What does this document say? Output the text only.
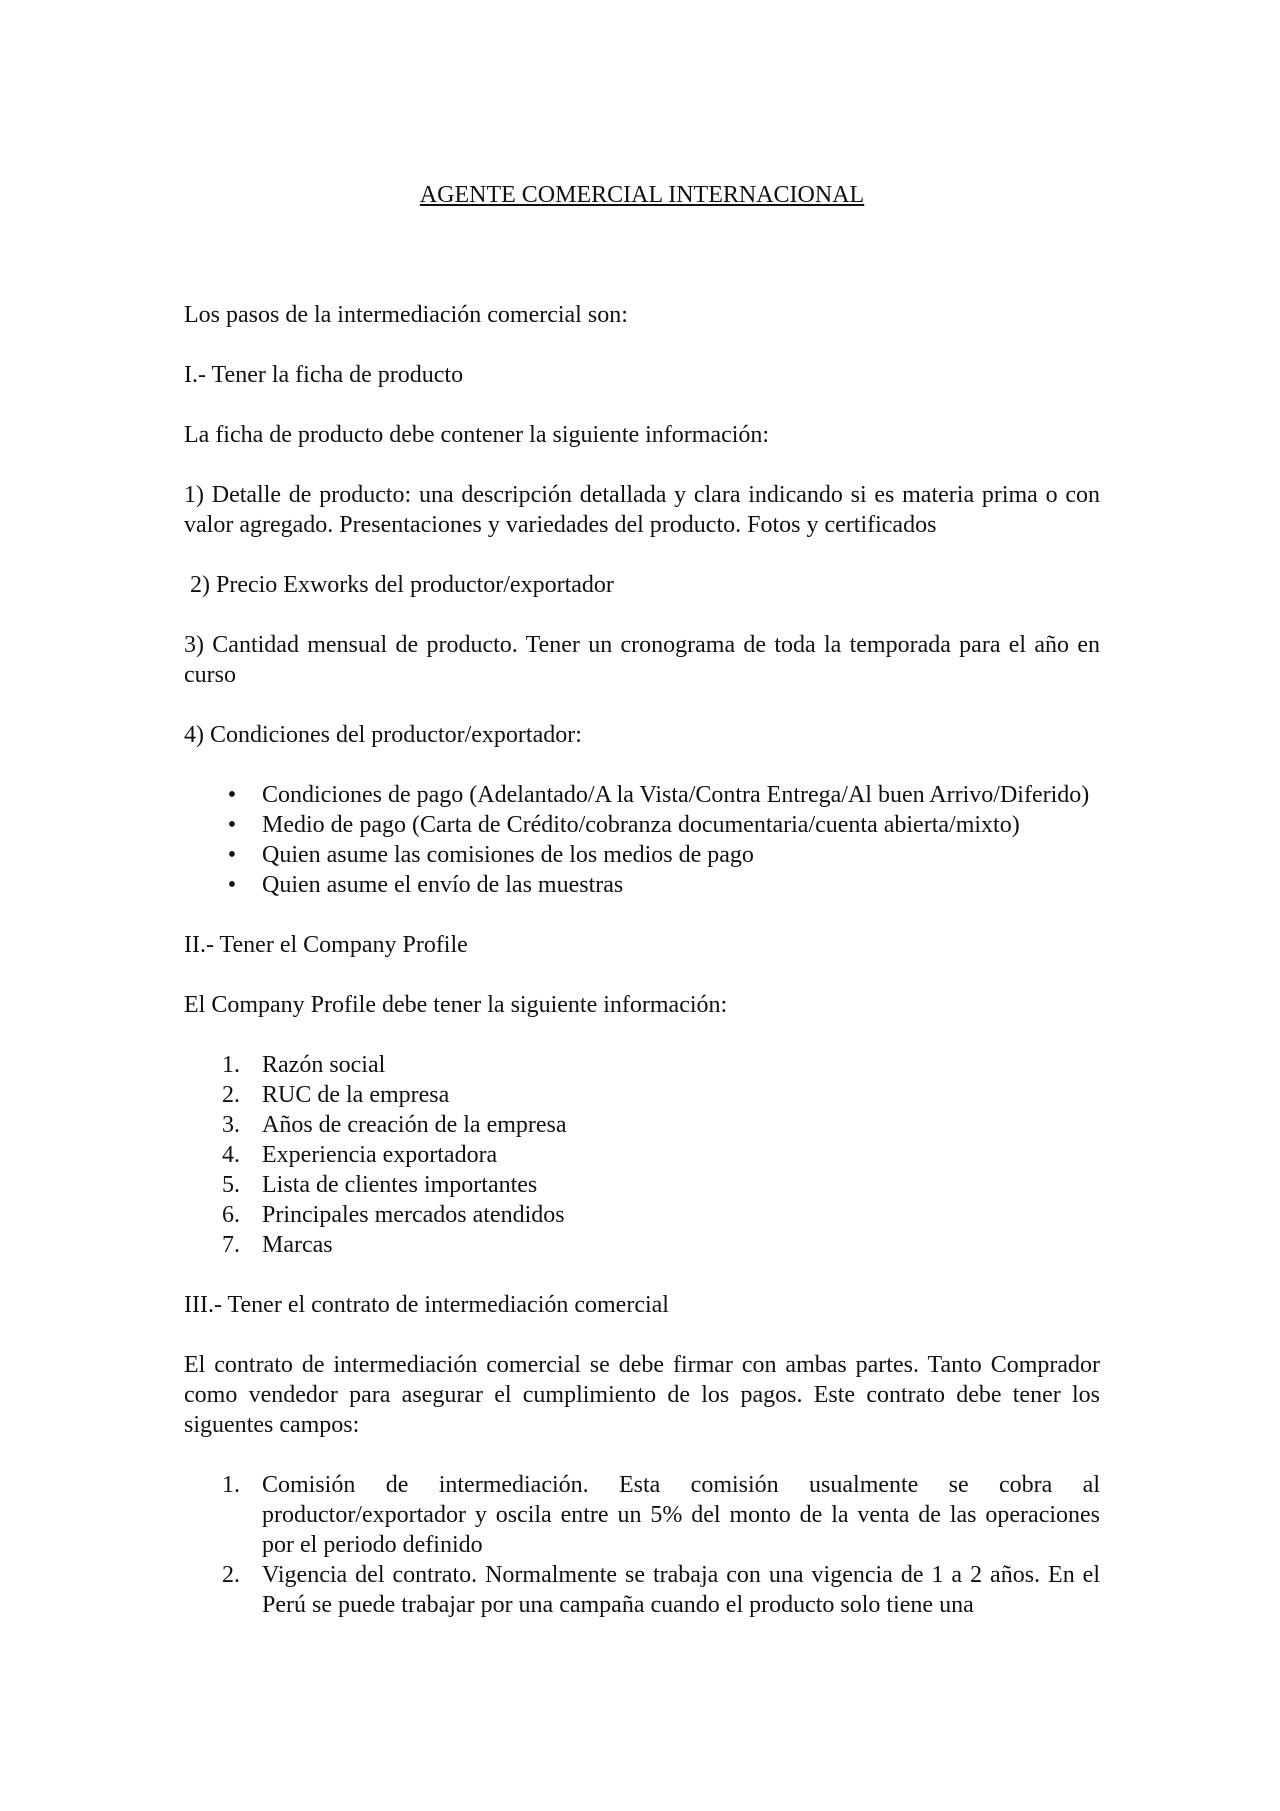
AGENTE COMERCIAL INTERNACIONAL

Los pasos de la intermediación comercial son:

I.- Tener la ficha de producto

La ficha de producto debe contener la siguiente información:

1) Detalle de producto: una descripción detallada y clara indicando si es materia prima o con valor agregado. Presentaciones y variedades del producto. Fotos y certificados

2) Precio Exworks del productor/exportador

3) Cantidad mensual de producto. Tener un cronograma de toda la temporada para el año en curso

4) Condiciones del productor/exportador:

• Condiciones de pago (Adelantado/A la Vista/Contra Entrega/Al buen Arrivo/Diferido)
• Medio de pago (Carta de Crédito/cobranza documentaria/cuenta abierta/mixto)
• Quien asume las comisiones de los medios de pago
• Quien asume el envío de las muestras

II.- Tener el Company Profile

El Company Profile debe tener la siguiente información:

1. Razón social
2. RUC de la empresa
3. Años de creación de la empresa
4. Experiencia exportadora
5. Lista de clientes importantes
6. Principales mercados atendidos
7. Marcas

III.- Tener el contrato de intermediación comercial

El contrato de intermediación comercial se debe firmar con ambas partes. Tanto Comprador como vendedor para asegurar el cumplimiento de los pagos. Este contrato debe tener los siguentes campos:

1. Comisión de intermediación. Esta comisión usualmente se cobra al productor/exportador y oscila entre un 5% del monto de la venta de las operaciones por el periodo definido
2. Vigencia del contrato. Normalmente se trabaja con una vigencia de 1 a 2 años. En el Perú se puede trabajar por una campaña cuando el producto solo tiene una
